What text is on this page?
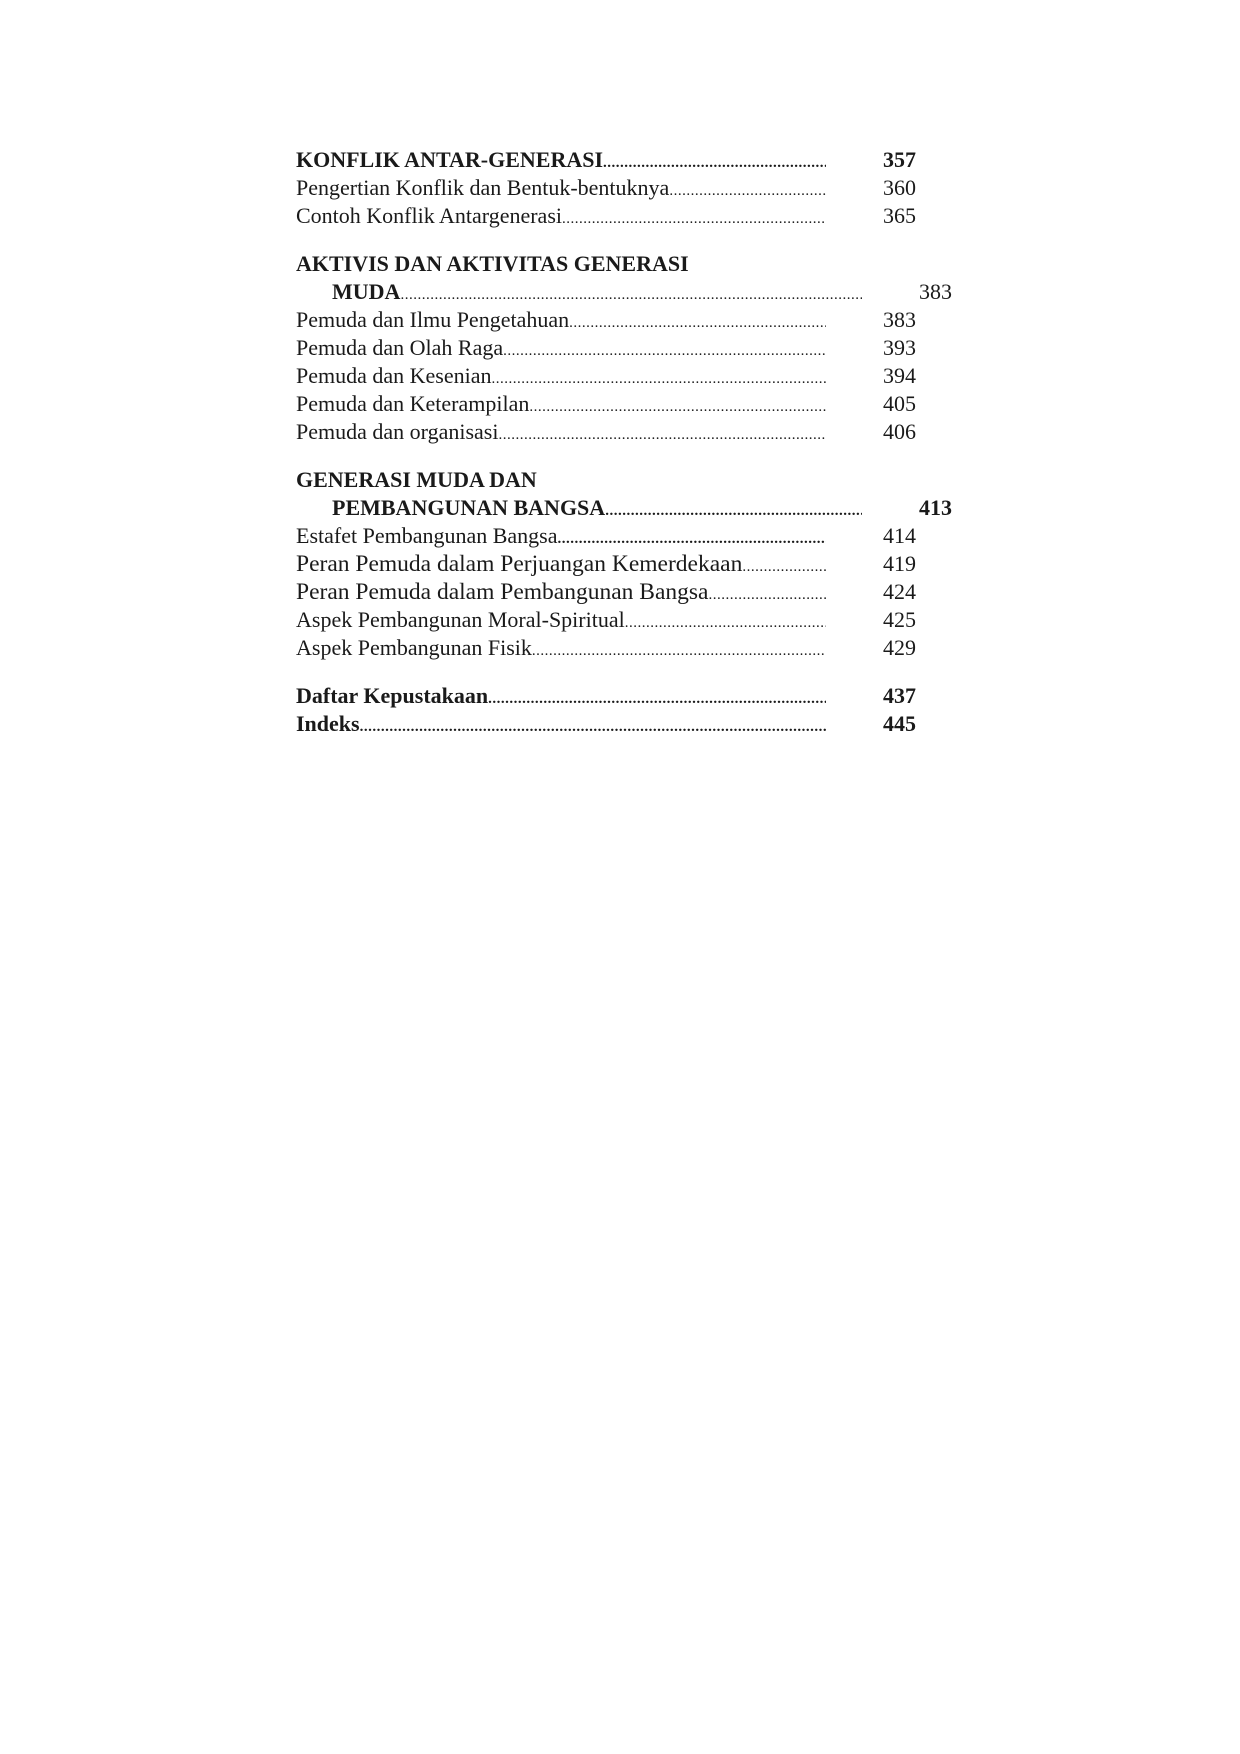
KONFLIK ANTAR-GENERASI .....	357
Pengertian Konflik dan Bentuk-bentuknya .....	360
Contoh Konflik Antargenerasi .....	365
AKTIVIS DAN AKTIVITAS GENERASI
MUDA .....	383
Pemuda dan Ilmu Pengetahuan .....	383
Pemuda dan Olah Raga .....	393
Pemuda dan Kesenian .....	394
Pemuda dan Keterampilan .....	405
Pemuda dan organisasi .....	406
GENERASI MUDA DAN
PEMBANGUNAN BANGSA .....	413
Estafet Pembangunan Bangsa .....	414
Peran Pemuda dalam Perjuangan Kemerdekaan .....	419
Peran Pemuda dalam Pembangunan Bangsa .....	424
Aspek Pembangunan Moral-Spiritual .....	425
Aspek Pembangunan Fisik .....	429
Daftar Kepustakaan .....	437
Indeks .....	445
